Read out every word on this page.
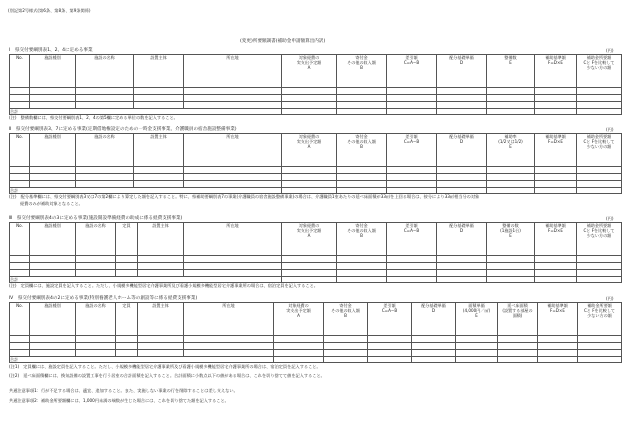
(別記第2号様式(第6条、第8条、第9条関係)
(変更)所要額調書(補助金申請額算出内訳)
Ⅰ　県交付要綱別表1、2、4に定める事業	(円)
No.	施設種別	施設の名称	設置主体	所在地	対象経費の
実支出予定額
A	寄付金
その他の収入額
B	差引額
C=A−B	配分基礎単価
D	整備数
E	補助基準額
F=D×E	補助金所要額
Cと Fを比較して
少ない方の額

合計											
(注)　整備数欄には、県交付要綱別表1、2、4の第5欄に定める単位の数を記入すること。
Ⅱ　県交付要綱別表3、7に定める事業(定期借地権設定のための一時金支援事業、介護職員の宿舎施設整備事業)	(円)
No.	施設種別	施設の名称	設置主体	所在地	対象経費の
実支出予定額
A	寄付金
その他の収入額
B	差引額
C=A−B	配分基礎単価
D	補助率
(1/2又は1/2)
E	補助基準額
F=D×E	補助金所要額
Cと Fを比較して
少ない方の額

合計											
(注)　配分基準欄には、県交付要綱別表3又は7の第2欄により算定した額を記入すること。特に、県補助要綱別表7の事業(介護職員の宿舎施設整備事業)の場合は、介護職員1室あたりの延べ床面積が33㎡を上回る場合は、按分により33㎡相当分の対象
経費のみが補助対象となること。
Ⅲ　県交付要綱別表4の3に定める事業(施設開設準備経費の助成に係る経費支援事業)	(円)
No.	施設種別	施設の名称	定員	設置主体	所在地	対象経費の
実支出予定額
A	寄付金
その他の収入額
B	差引額
C=A−B	配分基礎単価
D	整備の数
(1施設1台)
E	補助基準額
F=D×E	補助金所要額
Cと Fを比較して
少ない方の額

合計												
(注)　定員欄には、施設定員を記入すること。ただし、小規模多機能型居宅介護事業所及び看護小規模多機能型居宅介護事業所の場合は、宿泊定員を記入すること。
Ⅳ　県交付要綱別表4の2に定める事業(特別養護老人ホーム等の創設等に係る経費支援事業)	(円)
No.	施設種別	施設の名称	定員	設置主体	所在地	対象経費の
実支出予定額
A	寄付金
その他の収入額
B	差引額
C=A−B	配分基礎単価
D	面積単価
(4,000円／㎡)
E	延べ床面積
(設置する部屋の
面積)	補助基準額
F=D×E	補助金所要額
Cと Fを比較して
少ない方の額

合計													
(注1)　定員欄には、施設定員を記入すること。ただし、小規模多機能型居宅介護事業所及び看護小規模多機能型居宅介護事業所の場合は、宿泊定員を記入すること。
(注2)　延べ床面積欄には、換気設備の設置工事を行う居室の合計面積を記入すること。合計面積に小数点以下の値がある場合は、これを切り捨てて値を記入すること。
共通注意事項1：行が不足する場合は、適宜、追加すること。また、実施しない事業の行を削除することは差し支えない。
共通注意事項2：補助金所要額欄には、1,000円未満の端数が生じた場合には、これを切り捨てた額を記入すること。
